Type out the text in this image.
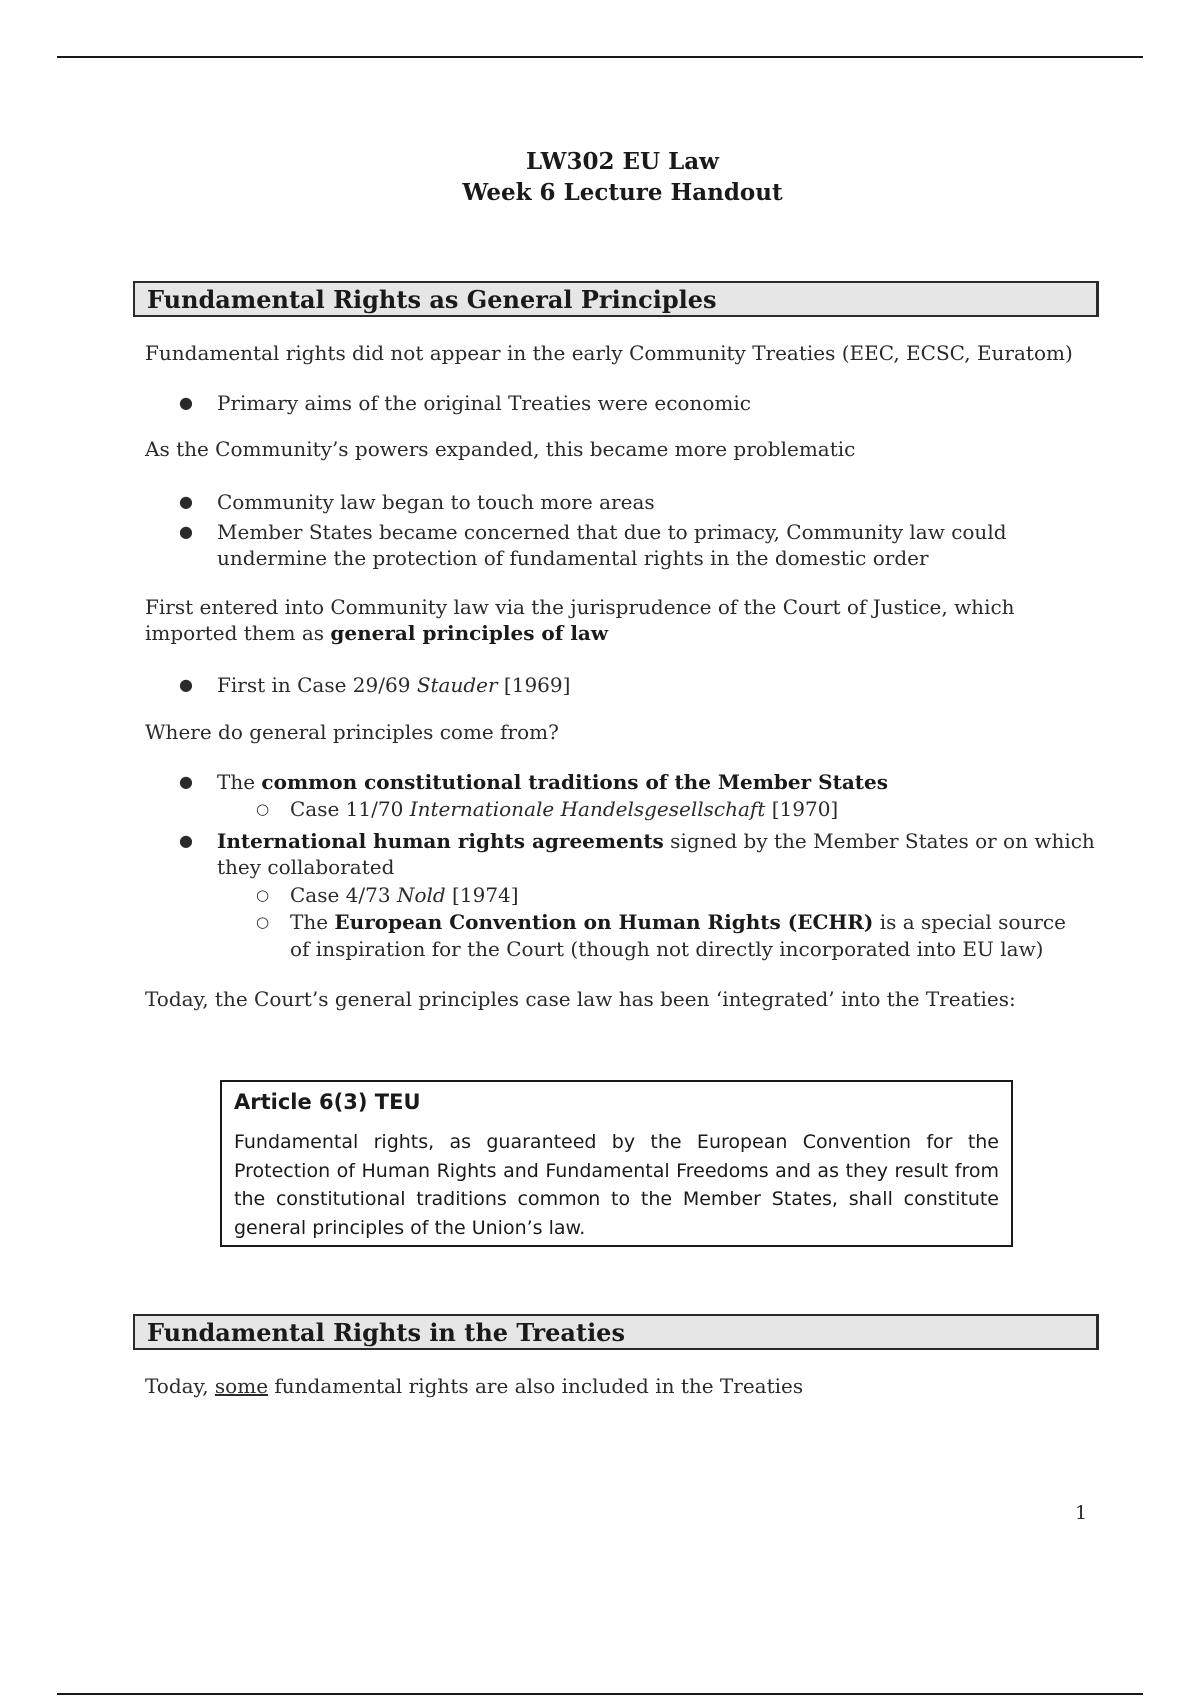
LW302 EU Law
Week 6 Lecture Handout
Fundamental Rights as General Principles
Fundamental rights did not appear in the early Community Treaties (EEC, ECSC, Euratom)
● Primary aims of the original Treaties were economic
As the Community’s powers expanded, this became more problematic
● Community law began to touch more areas
● Member States became concerned that due to primacy, Community law could undermine the protection of fundamental rights in the domestic order
First entered into Community law via the jurisprudence of the Court of Justice, which imported them as general principles of law
● First in Case 29/69 Stauder [1969]
Where do general principles come from?
● The common constitutional traditions of the Member States
○ Case 11/70 Internationale Handelsgesellschaft [1970]
● International human rights agreements signed by the Member States or on which they collaborated
○ Case 4/73 Nold [1974]
○ The European Convention on Human Rights (ECHR) is a special source of inspiration for the Court (though not directly incorporated into EU law)
Today, the Court’s general principles case law has been ‘integrated’ into the Treaties:
Article 6(3) TEU
Fundamental rights, as guaranteed by the European Convention for the Protection of Human Rights and Fundamental Freedoms and as they result from the constitutional traditions common to the Member States, shall constitute general principles of the Union’s law.
Fundamental Rights in the Treaties
Today, some fundamental rights are also included in the Treaties
1
